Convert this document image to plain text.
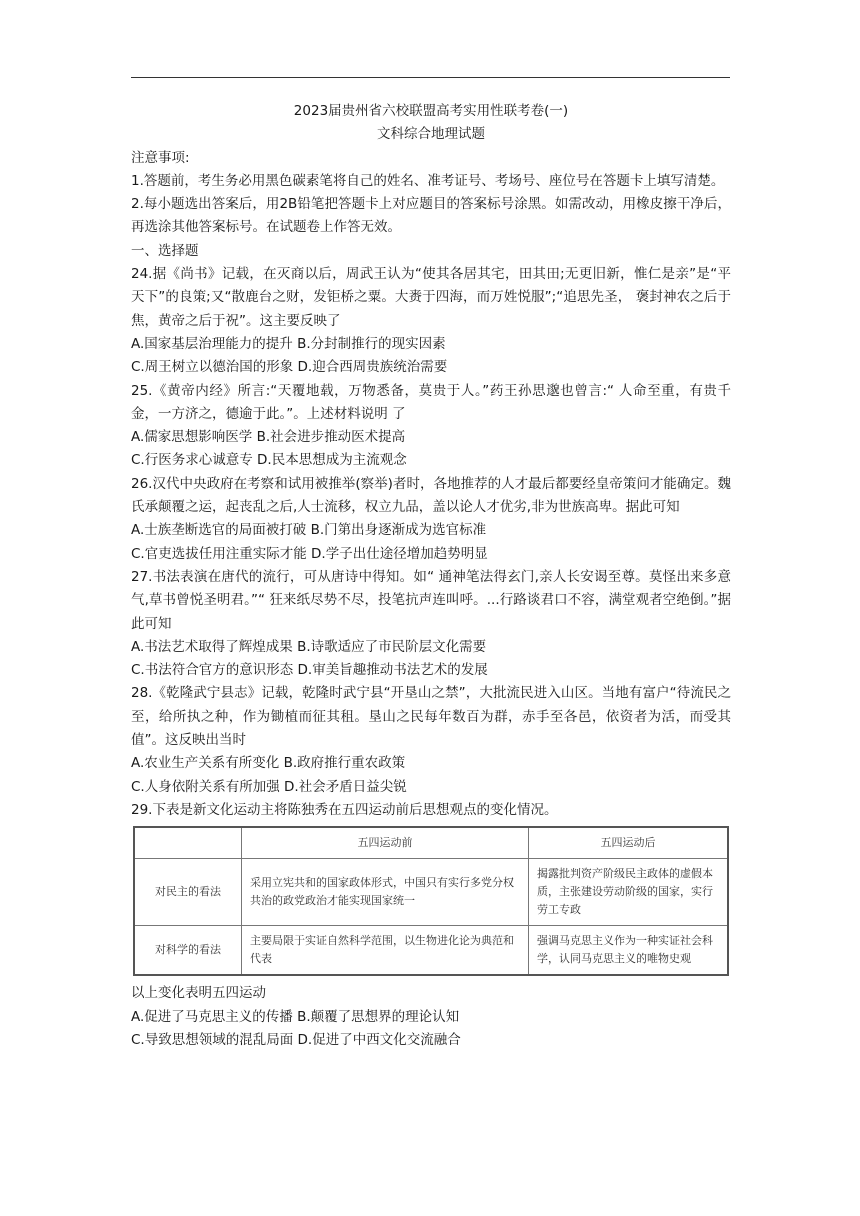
2023届贵州省六校联盟高考实用性联考卷(一)
文科综合地理试题
注意事项:
1.答题前，考生务必用黑色碳素笔将自己的姓名、准考证号、考场号、座位号在答题卡上填写清楚。
2.每小题选出答案后，用2B铅笔把答题卡上对应题目的答案标号涂黑。如需改动，用橡皮擦干净后，再选涂其他答案标号。在试题卷上作答无效。
一、选择题
24.据《尚书》记载，在灭商以后，周武王认为“使其各居其宅，田其田;无更旧新，惟仁是亲”是“平天下”的良策;又“散鹿台之财，发钜桥之粟。大赉于四海，而万姓悦服”;“追思先圣， 褒封神农之后于焦，黄帝之后于祝”。这主要反映了
A.国家基层治理能力的提升 B.分封制推行的现实因素
C.周王树立以德治国的形象 D.迎合西周贵族统治需要
25.《黄帝内经》所言:“天覆地载，万物悉备，莫贵于人。”药王孙思邈也曾言:“ 人命至重，有贵千金，一方济之，德逾于此。”。上述材料说明 了
A.儒家思想影响医学 B.社会进步推动医术提高
C.行医务求心诚意专 D.民本思想成为主流观念
26.汉代中央政府在考察和试用被推举(察举)者时，各地推荐的人才最后都要经皇帝策问才能确定。魏氏承颠覆之运，起丧乱之后,人士流移，权立九品，盖以论人才优劣,非为世族高卑。据此可知
A.士族垄断选官的局面被打破 B.门第出身逐渐成为选官标准
C.官吏选拔任用注重实际才能 D.学子出仕途径增加趋势明显
27.书法表演在唐代的流行，可从唐诗中得知。如“ 通神笔法得玄门,亲人长安谒至尊。莫怪出来多意气,草书曾悦圣明君。”“ 狂来纸尽势不尽，投笔抗声连叫呼。...行路谈君口不容，满堂观者空绝倒。”据此可知
A.书法艺术取得了辉煌成果 B.诗歌适应了市民阶层文化需要
C.书法符合官方的意识形态 D.审美旨趣推动书法艺术的发展
28.《乾隆武宁县志》记载，乾隆时武宁县“开垦山之禁”，大批流民进入山区。当地有富户“待流民之至，给所执之种，作为锄植而征其租。垦山之民每年数百为群，赤手至各邑，依资者为活，而受其值”。这反映出当时
A.农业生产关系有所变化 B.政府推行重农政策
C.人身依附关系有所加强 D.社会矛盾日益尖锐
29.下表是新文化运动主将陈独秀在五四运动前后思想观点的变化情况。
	五四运动前	五四运动后
对民主的看法	采用立宪共和的国家政体形式，中国只有实行多党分权共治的政党政治才能实现国家统一	揭露批判资产阶级民主政体的虚假本质，主张建设劳动阶级的国家，实行劳工专政
对科学的看法	主要局限于实证自然科学范围，以生物进化论为典范和代表	强调马克思主义作为一种实证社会科学，认同马克思主义的唯物史观
以上变化表明五四运动
A.促进了马克思主义的传播 B.颠覆了思想界的理论认知
C.导致思想领域的混乱局面 D.促进了中西文化交流融合
